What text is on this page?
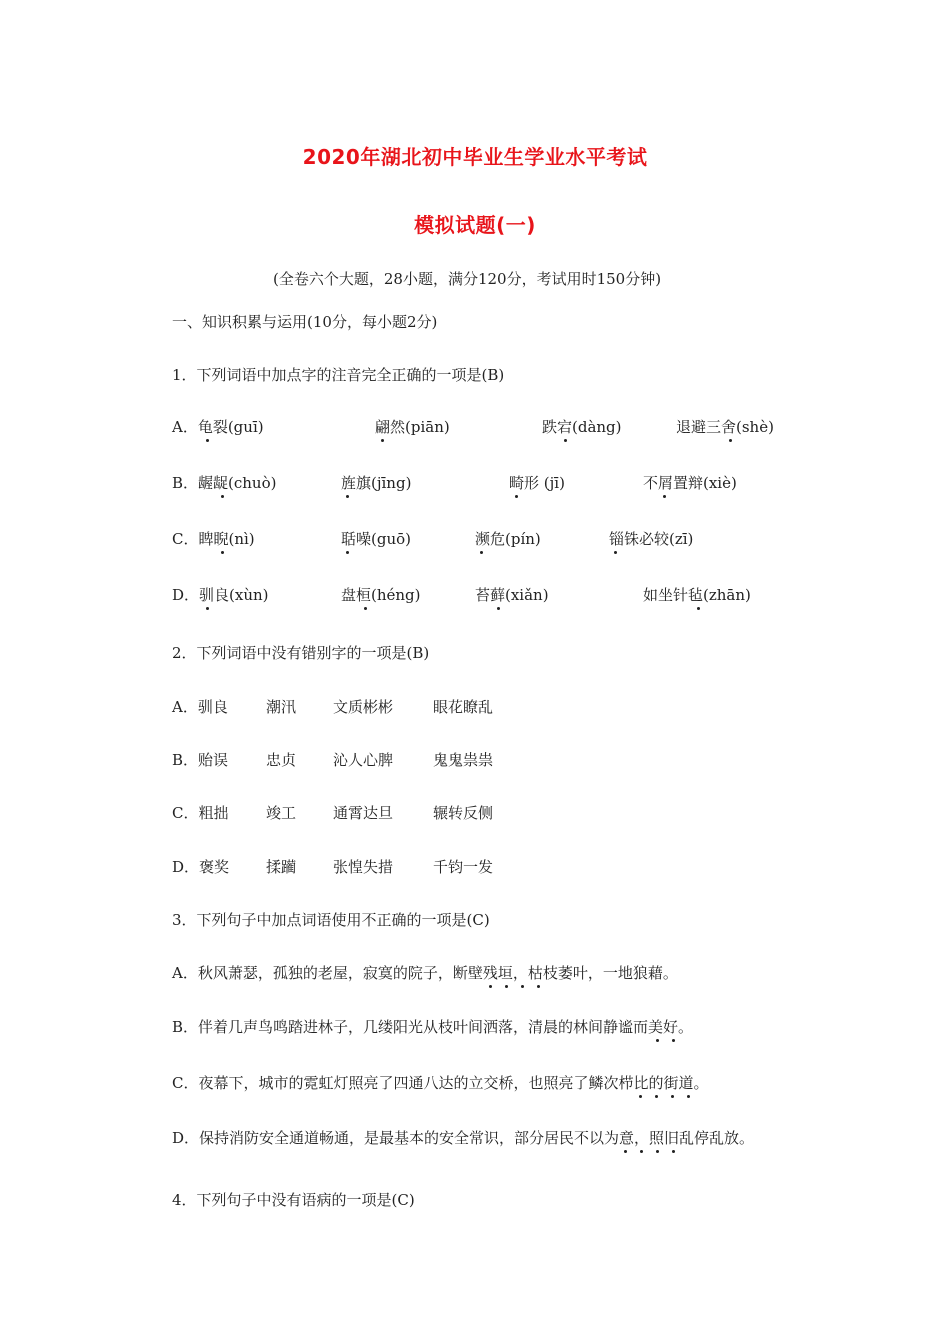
2020年湖北初中毕业生学业水平考试
模拟试题(一)
(全卷六个大题，28小题，满分120分，考试用时150分钟)
一、知识积累与运用(10分，每小题2分)
1．下列词语中加点字的注音完全正确的一项是(B)
A．龟裂(guī)	翩然(piān)	跌宕(dàng)	退避三舍(shè)
B．龌龊(chuò)	旌旗(jīng)	畸形 (jī)	不屑置辩(xiè)
C．睥睨(nì)	聒噪(guō)	濒危(pín)	锱铢必较(zī)
D．驯良(xùn)	盘桓(héng)	苔藓(xiǎn)	如坐针毡(zhān)
2．下列词语中没有错别字的一项是(B)
A．驯良	潮汛 文质彬彬	眼花瞭乱
B．贻误	忠贞 沁人心脾	鬼鬼祟祟
C．粗拙	竣工 通霄达旦	辗转反侧
D．褒奖 揉躏 张惶失措	千钧一发
3．下列句子中加点词语使用不正确的一项是(C)
A．秋风萧瑟，孤独的老屋，寂寞的院子，断壁残垣，枯枝萎叶，一地狼藉。
B．伴着几声鸟鸣踏进林子，几缕阳光从枝叶间洒落，清晨的林间静谧而美好。
C．夜幕下，城市的霓虹灯照亮了四通八达的立交桥，也照亮了鳞次栉比的街道。
D．保持消防安全通道畅通，是最基本的安全常识，部分居民不以为意，照旧乱停乱放。
4．下列句子中没有语病的一项是(C)
